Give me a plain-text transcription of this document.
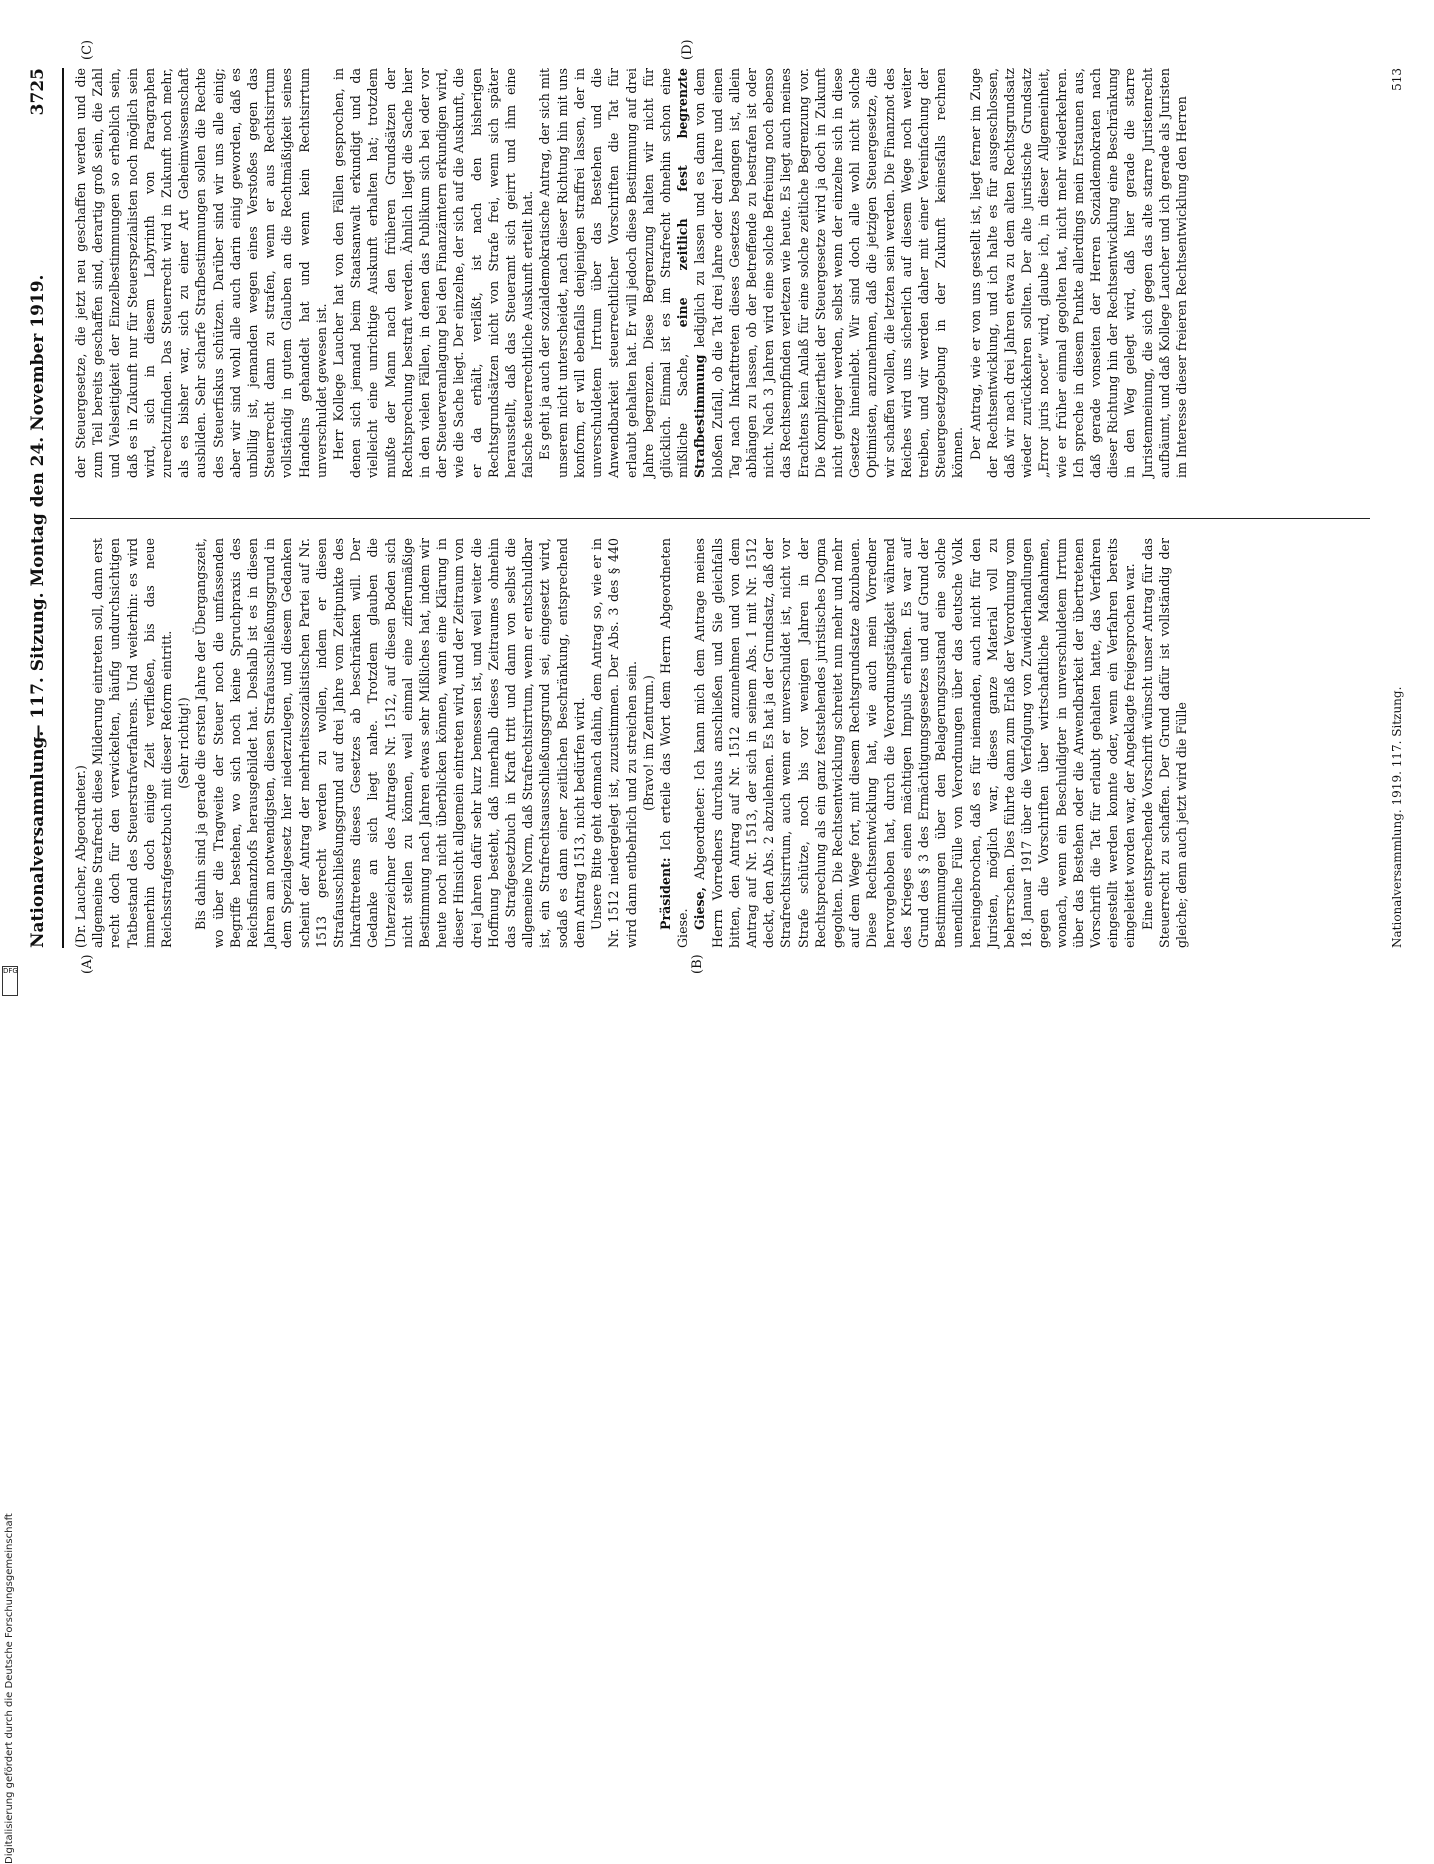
Nationalversammlung.
— 117. Sitzung. Montag den 24. November 1919.
3725
(A)	(B)
(C)	(D)

(Dr. Laucher, Abgeordneter.) allgemeine Strafrecht diese Milderung eintreten soll, dann erst recht doch für den verwickelten, häufig undurchsichtigen Tatbestand des Steuerstrafverfahrens. Und weiterhin: es wird immerhin doch einige Zeit verfließen, bis das neue Reichsstrafgesetzbuch mit dieser Reform eintritt. (Sehr richtig!) Bis dahin sind ja gerade die ersten Jahre der Übergangszeit, wo über die Tragweite der Steuer noch die umfassenden Begriffe bestehen, wo sich noch keine Spruchpraxis des Reichsfinanzhofs herausgebildet hat. Deshalb ist es in diesen Jahren am notwendigsten, diesen Strafausschließungsgrund in dem Spezialgesetz hier niederzulegen, und diesem Gedanken scheint der Antrag der mehrheitssozialistischen Partei auf Nr. 1513 gerecht werden zu wollen, indem er diesen Strafausschließungsgrund auf drei Jahre vom Zeitpunkte des Inkrafttretens dieses Gesetzes ab beschränken will. Der Gedanke an sich liegt nahe. Trotzdem glauben die Unterzeichner des Antrages Nr. 1512, auf diesen Boden sich nicht stellen zu können, weil einmal eine zifferumäßige Bestimmung nach Jahren etwas sehr Mißliches hat, indem wir heute noch nicht überblicken können, wann eine Klärung in dieser Hinsicht allgemein eintreten wird, und der Zeitraum von drei Jahren dafür sehr kurz bemessen ist, und weil weiter die Hoffnung besteht, daß innerhalb dieses Zeitraumes ohnehin das Strafgesetzbuch in Kraft tritt und dann von selbst die allgemeine Norm, daß Strafrechtsirrtum, wenn er entschuldbar ist, ein Strafrechtsausschließungsgrund sei, eingesetzt wird, sodaß es dann einer zeitlichen Beschränkung, entsprechend dem Antrag 1513, nicht bedürfen wird. Unsere Bitte geht demnach dahin, dem Antrag so, wie er in Nr. 1512 niedergelegt ist, zuzustimmen. Der Abs. 3 des § 440 wird dann entbehrlich und zu streichen sein. (Bravo! im Zentrum.)

Präsident: Ich erteile das Wort dem Herrn Abgeordneten Giese. Giese, Abgeordneter: Ich kann mich dem Antrage meines Herrn Vorredners durchaus anschließen und Sie gleichfalls bitten, den Antrag auf Nr. 1512 anzunehmen und von dem Antrag auf Nr. 1513, der sich in seinem Abs. 1 mit Nr. 1512 deckt, den Abs. 2 abzulehnen. Es hat ja der Grundsatz, daß der Strafrechtsirrtum, auch wenn er unverschuldet ist, nicht vor Strafe schütze, noch bis vor wenigen Jahren in der Rechtsprechung als ein ganz feststehendes juristisches Dogma gegolten. Die Rechtsentwicklung schreitet nun mehr und mehr auf dem Wege fort, mit diesem Rechtsgrundsatze abzubauen. Diese Rechtsentwicklung hat, wie auch mein Vorredner hervorgehoben hat, durch die Verordnungstätigkeit während des Krieges einen mächtigen Impuls erhalten. Es war auf Grund des § 3 des Ermächtigungsgesetzes und auf Grund der Bestimmungen über den Belagerungszustand eine solche unendliche Fülle von Verordnungen über das deutsche Volk hereingebrochen, daß es für niemanden, auch nicht für den Juristen, möglich war, dieses ganze Material voll zu beherrschen. Dies führte dann zum Erlaß der Verordnung vom 18. Januar 1917 über die Verfolgung von Zuwiderhandlungen gegen die Vorschriften über wirtschaftliche Maßnahmen, wonach, wenn ein Beschuldigter in unverschuldetem Irrtum über das Bestehen oder die Anwendbarkeit der übertretenen Vorschrift die Tat für erlaubt gehalten hatte, das Verfahren eingestellt werden konnte oder, wenn ein Verfahren bereits eingeleitet worden war, der Angeklagte freigesprochen war. Eine entsprechende Vorschrift wünscht unser Antrag für das Steuerrecht zu schaffen. Der Grund dafür ist vollständig der gleiche; denn auch jetzt wird die Fülle

der Steuergesetze, die jetzt neu geschaffen werden und die zum Teil bereits geschaffen sind, derartig groß sein, die Zahl und Vielseitigkeit der Einzelbestimmungen so erheblich sein, daß es in Zukunft nur für Steuerspezialisten noch möglich sein wird, sich in diesem Labyrinth von Paragraphen zurechtzufinden. Das Steuerrecht wird in Zukunft noch mehr, als es bisher war, sich zu einer Art Geheimwissenschaft ausbilden. Sehr scharfe Strafbestimmungen sollen die Rechte des Steuerfiskus schützen. Darüber sind wir uns alle einig; aber wir sind wohl alle auch darin einig geworden, daß es unbillig ist, jemanden wegen eines Verstoßes gegen das Steuerrecht dann zu strafen, wenn er aus Rechtsirrtum vollständig in gutem Glauben an die Rechtmäßigkeit seines Handelns gehandelt hat und wenn kein Rechtsirrtum unverschuldet gewesen ist. Herr Kollege Laucher hat von den Fällen gesprochen, in denen sich jemand beim Staatsanwalt erkundigt und da vielleicht eine unrichtige Auskunft erhalten hat; trotzdem mußte der Mann nach den früheren Grundsätzen der Rechtsprechung bestraft werden. Ähnlich liegt die Sache hier in den vielen Fällen, in denen das Publikum sich bei oder vor der Steuerveranlagung bei den Finanzämtern erkundigen wird, wie die Sache liegt. Der einzelne, der sich auf die Auskunft, die er da erhält, verläßt, ist nach den bisherigen Rechtsgrundsätzen nicht von Strafe frei, wenn sich später herausstellt, daß das Steueramt sich geirrt und ihm eine falsche steuerrechtliche Auskunft erteilt hat. Es geht ja auch der sozialdemokratische Antrag, der sich mit unserem nicht unterscheidet, nach dieser Richtung hin mit uns konform, er will ebenfalls denjenigen straffrei lassen, der in unverschuldetem Irrtum über das Bestehen und die Anwendbarkeit steuerrechtlicher Vorschriften die Tat für erlaubt gehalten hat. Er will jedoch diese Bestimmung auf drei Jahre begrenzen. Diese Begrenzung halten wir nicht für glücklich. Einmal ist es im Strafrecht ohnehin schon eine mißliche Sache, eine zeitlich fest begrenzte Strafbestimmung lediglich zu lassen und es dann von dem bloßen Zufall, ob die Tat drei Jahre oder drei Jahre und einen Tag nach Inkrafttreten dieses Gesetzes begangen ist, allein abhängen zu lassen, ob der Betreffende zu bestrafen ist oder nicht. Nach 3 Jahren wird eine solche Befreiung noch ebenso das Rechtsempfinden verletzen wie heute. Es liegt auch meines Erachtens kein Anlaß für eine solche zeitliche Begrenzung vor. Die Kompliziertheit der Steuergesetze wird ja doch in Zukunft nicht geringer werden, selbst wenn der einzelne sich in diese Gesetze hineinlebt. Wir sind doch alle wohl nicht solche Optimisten, anzunehmen, daß die jetzigen Steuergesetze, die wir schaffen wollen, die letzten sein werden. Die Finanznot des Reiches wird uns sicherlich auf diesem Wege noch weiter treiben, und wir werden daher mit einer Vereinfachung der Steuergesetzgebung in der Zukunft keinesfalls rechnen können. Der Antrag, wie er von uns gestellt ist, liegt ferner im Zuge der Rechtsentwicklung, und ich halte es für ausgeschlossen, daß wir nach drei Jahren etwa zu dem alten Rechtsgrundsatz wieder zurückkehren sollten. Der alte juristische Grundsatz „Error juris nocet“ wird, glaube ich, in dieser Allgemeinheit, wie er früher einmal gegolten hat, nicht mehr wiederkehren. Ich spreche in diesem Punkte allerdings mein Erstaunen aus, daß gerade vonseiten der Herren Sozialdemokraten nach dieser Richtung hin der Rechtsentwicklung eine Beschränkung in den Weg gelegt wird, daß hier gerade die starre Juristenmeinung, die sich gegen das alte starre Juristenrecht aufbäumt, und daß Kollege Laucher und ich gerade als Juristen im Interesse dieser freieren Rechtsentwicklung den Herren

Nationalversammlung. 1919. 117. Sitzung.
513
Digitalisierung gefördert durch die Deutsche Forschungsgemeinschaft
DFG
